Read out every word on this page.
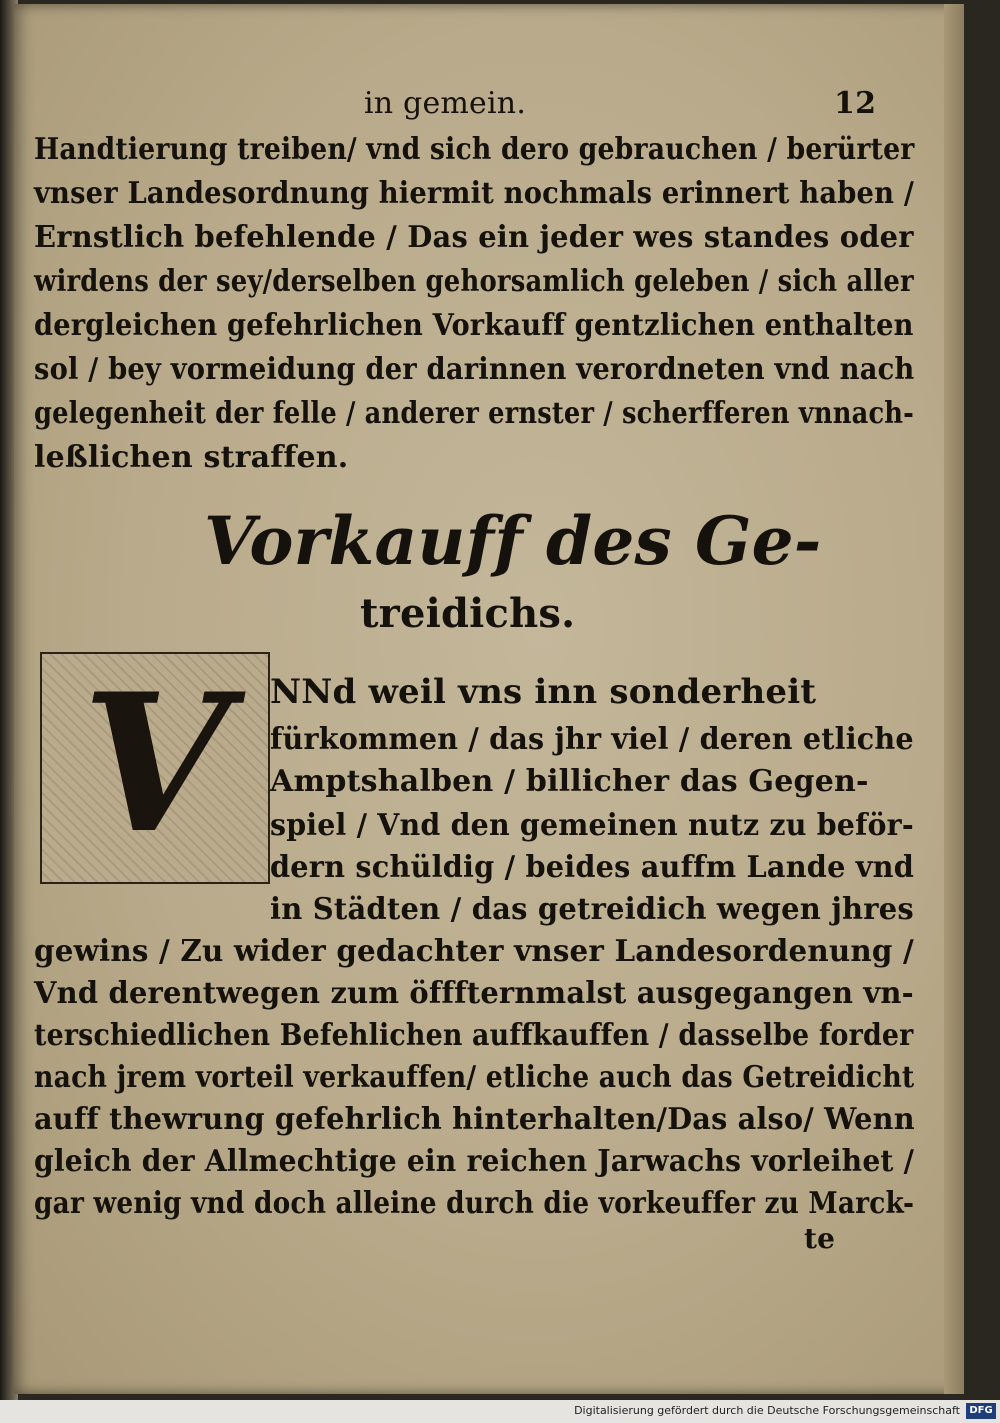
in gemein.	12
Handtierung treiben/ vnd sich dero gebrauchen / berürter
vnser Landesordnung hiermit nochmals erinnert haben /
Ernstlich befehlende / Das ein jeder wes standes oder
wirdens der sey/derselben gehorsamlich geleben / sich aller
dergleichen gefehrlichen Vorkauff gentzlichen enthalten
sol / bey vormeidung der darinnen verordneten vnd nach
gelegenheit der felle / anderer ernster / scherfferen vnnach-
leßlichen straffen.
Vorkauff des Ge-
treidichs.
V NNd weil vns inn sonderheit
fürkommen / das jhr viel / deren etliche
Amptshalben / billicher das Gegen-
spiel / Vnd den gemeinen nutz zu beför-
dern schüldig / beides auffm Lande vnd
in Städten / das getreidich wegen jhres
gewins / Zu wider gedachter vnser Landesordenung /
Vnd derentwegen zum öfffternmalst ausgegangen vn-
terschiedlichen Befehlichen auffkauffen / dasselbe forder
nach jrem vorteil verkauffen/ etliche auch das Getreidicht
auff thewrung gefehrlich hinterhalten/Das also/ Wenn
gleich der Allmechtige ein reichen Jarwachs vorleihet /
gar wenig vnd doch alleine durch die vorkeuffer zu Marck-
te
Digitalisierung gefördert durch die Deutsche Forschungsgemeinschaft DFG
